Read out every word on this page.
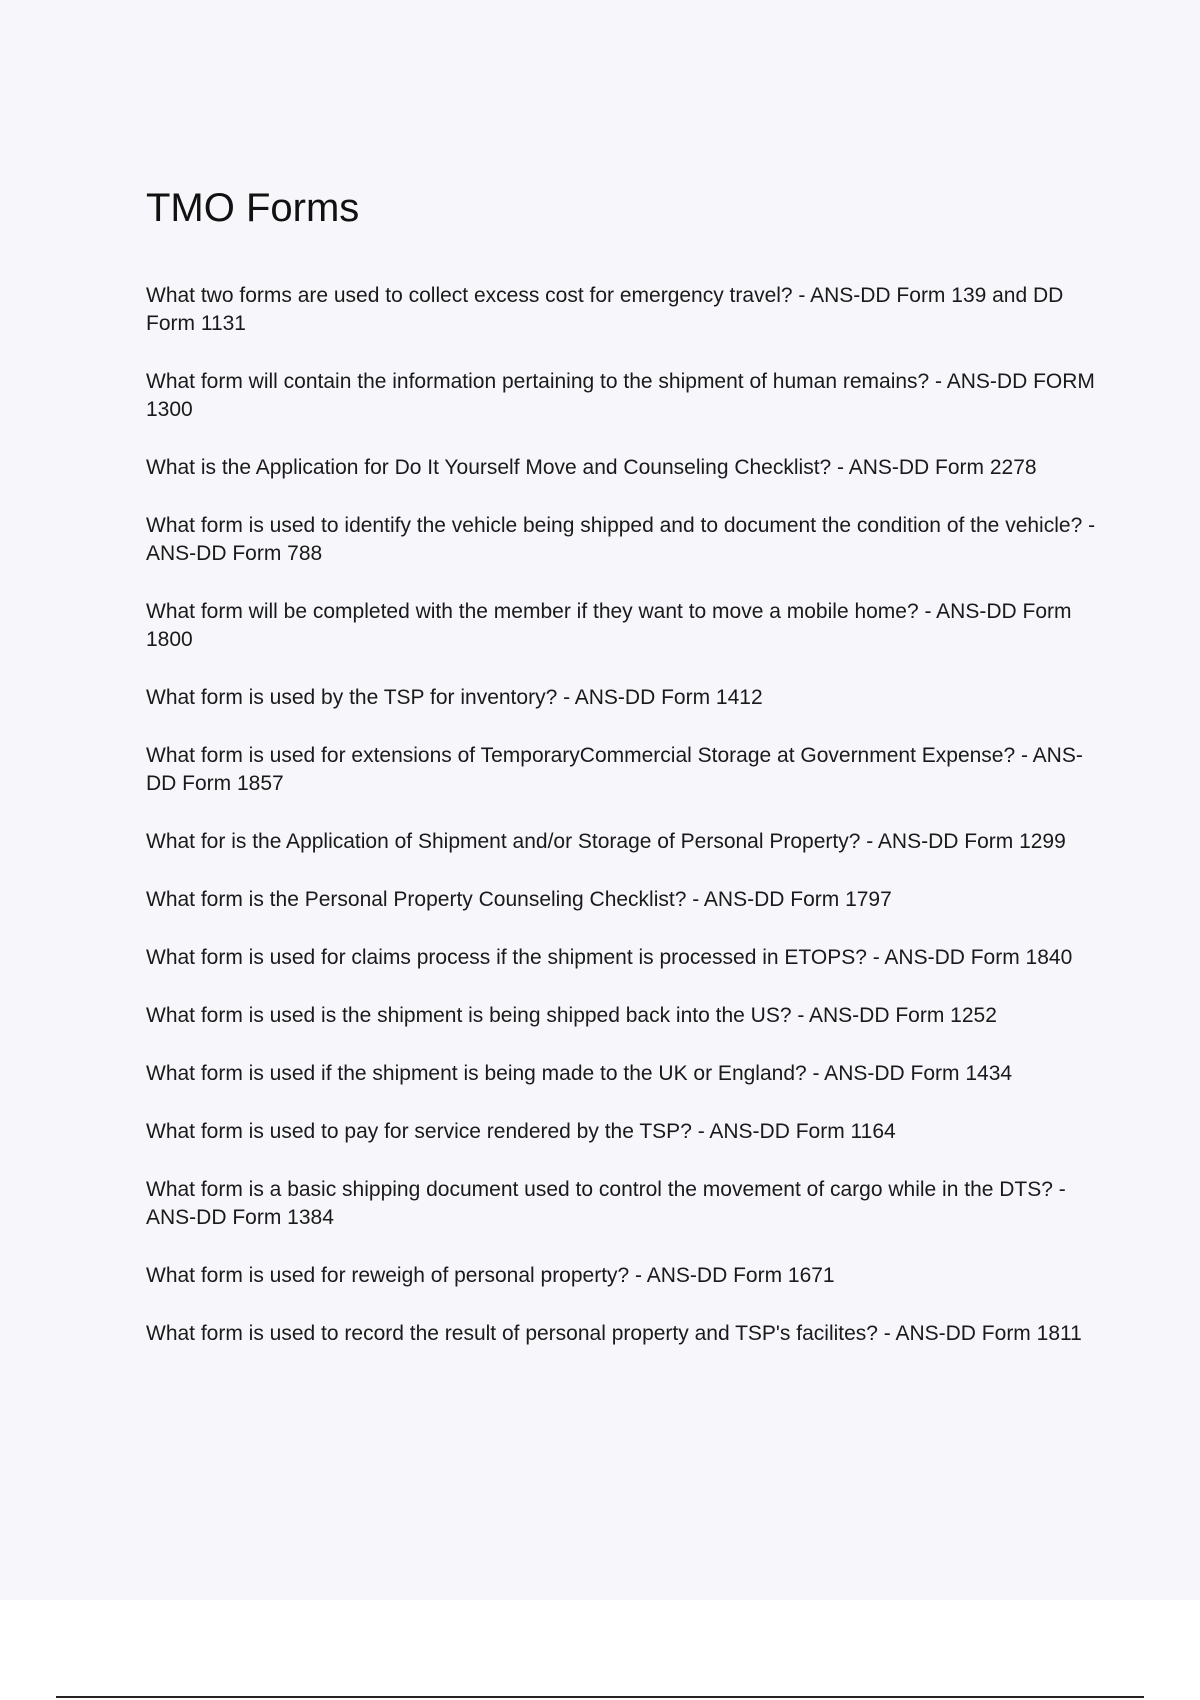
TMO Forms
What two forms are used to collect excess cost for emergency travel? - ANS-DD Form 139 and DD Form 1131
What form will contain the information pertaining to the shipment of human remains? - ANS-DD FORM 1300
What is the Application for Do It Yourself Move and Counseling Checklist? - ANS-DD Form 2278
What form is used to identify the vehicle being shipped and to document the condition of the vehicle? - ANS-DD Form 788
What form will be completed with the member if they want to move a mobile home? - ANS-DD Form 1800
What form is used by the TSP for inventory? - ANS-DD Form 1412
What form is used for extensions of TemporaryCommercial Storage at Government Expense? - ANS-DD Form 1857
What for is the Application of Shipment and/or Storage of Personal Property? - ANS-DD Form 1299
What form is the Personal Property Counseling Checklist? - ANS-DD Form 1797
What form is used for claims process if the shipment is processed in ETOPS? - ANS-DD Form 1840
What form is used is the shipment is being shipped back into the US? - ANS-DD Form 1252
What form is used if the shipment is being made to the UK or England? - ANS-DD Form 1434
What form is used to pay for service rendered by the TSP? - ANS-DD Form 1164
What form is a basic shipping document used to control the movement of cargo while in the DTS? - ANS-DD Form 1384
What form is used for reweigh of personal property? - ANS-DD Form 1671
What form is used to record the result of personal property and TSP's facilites? - ANS-DD Form 1811
